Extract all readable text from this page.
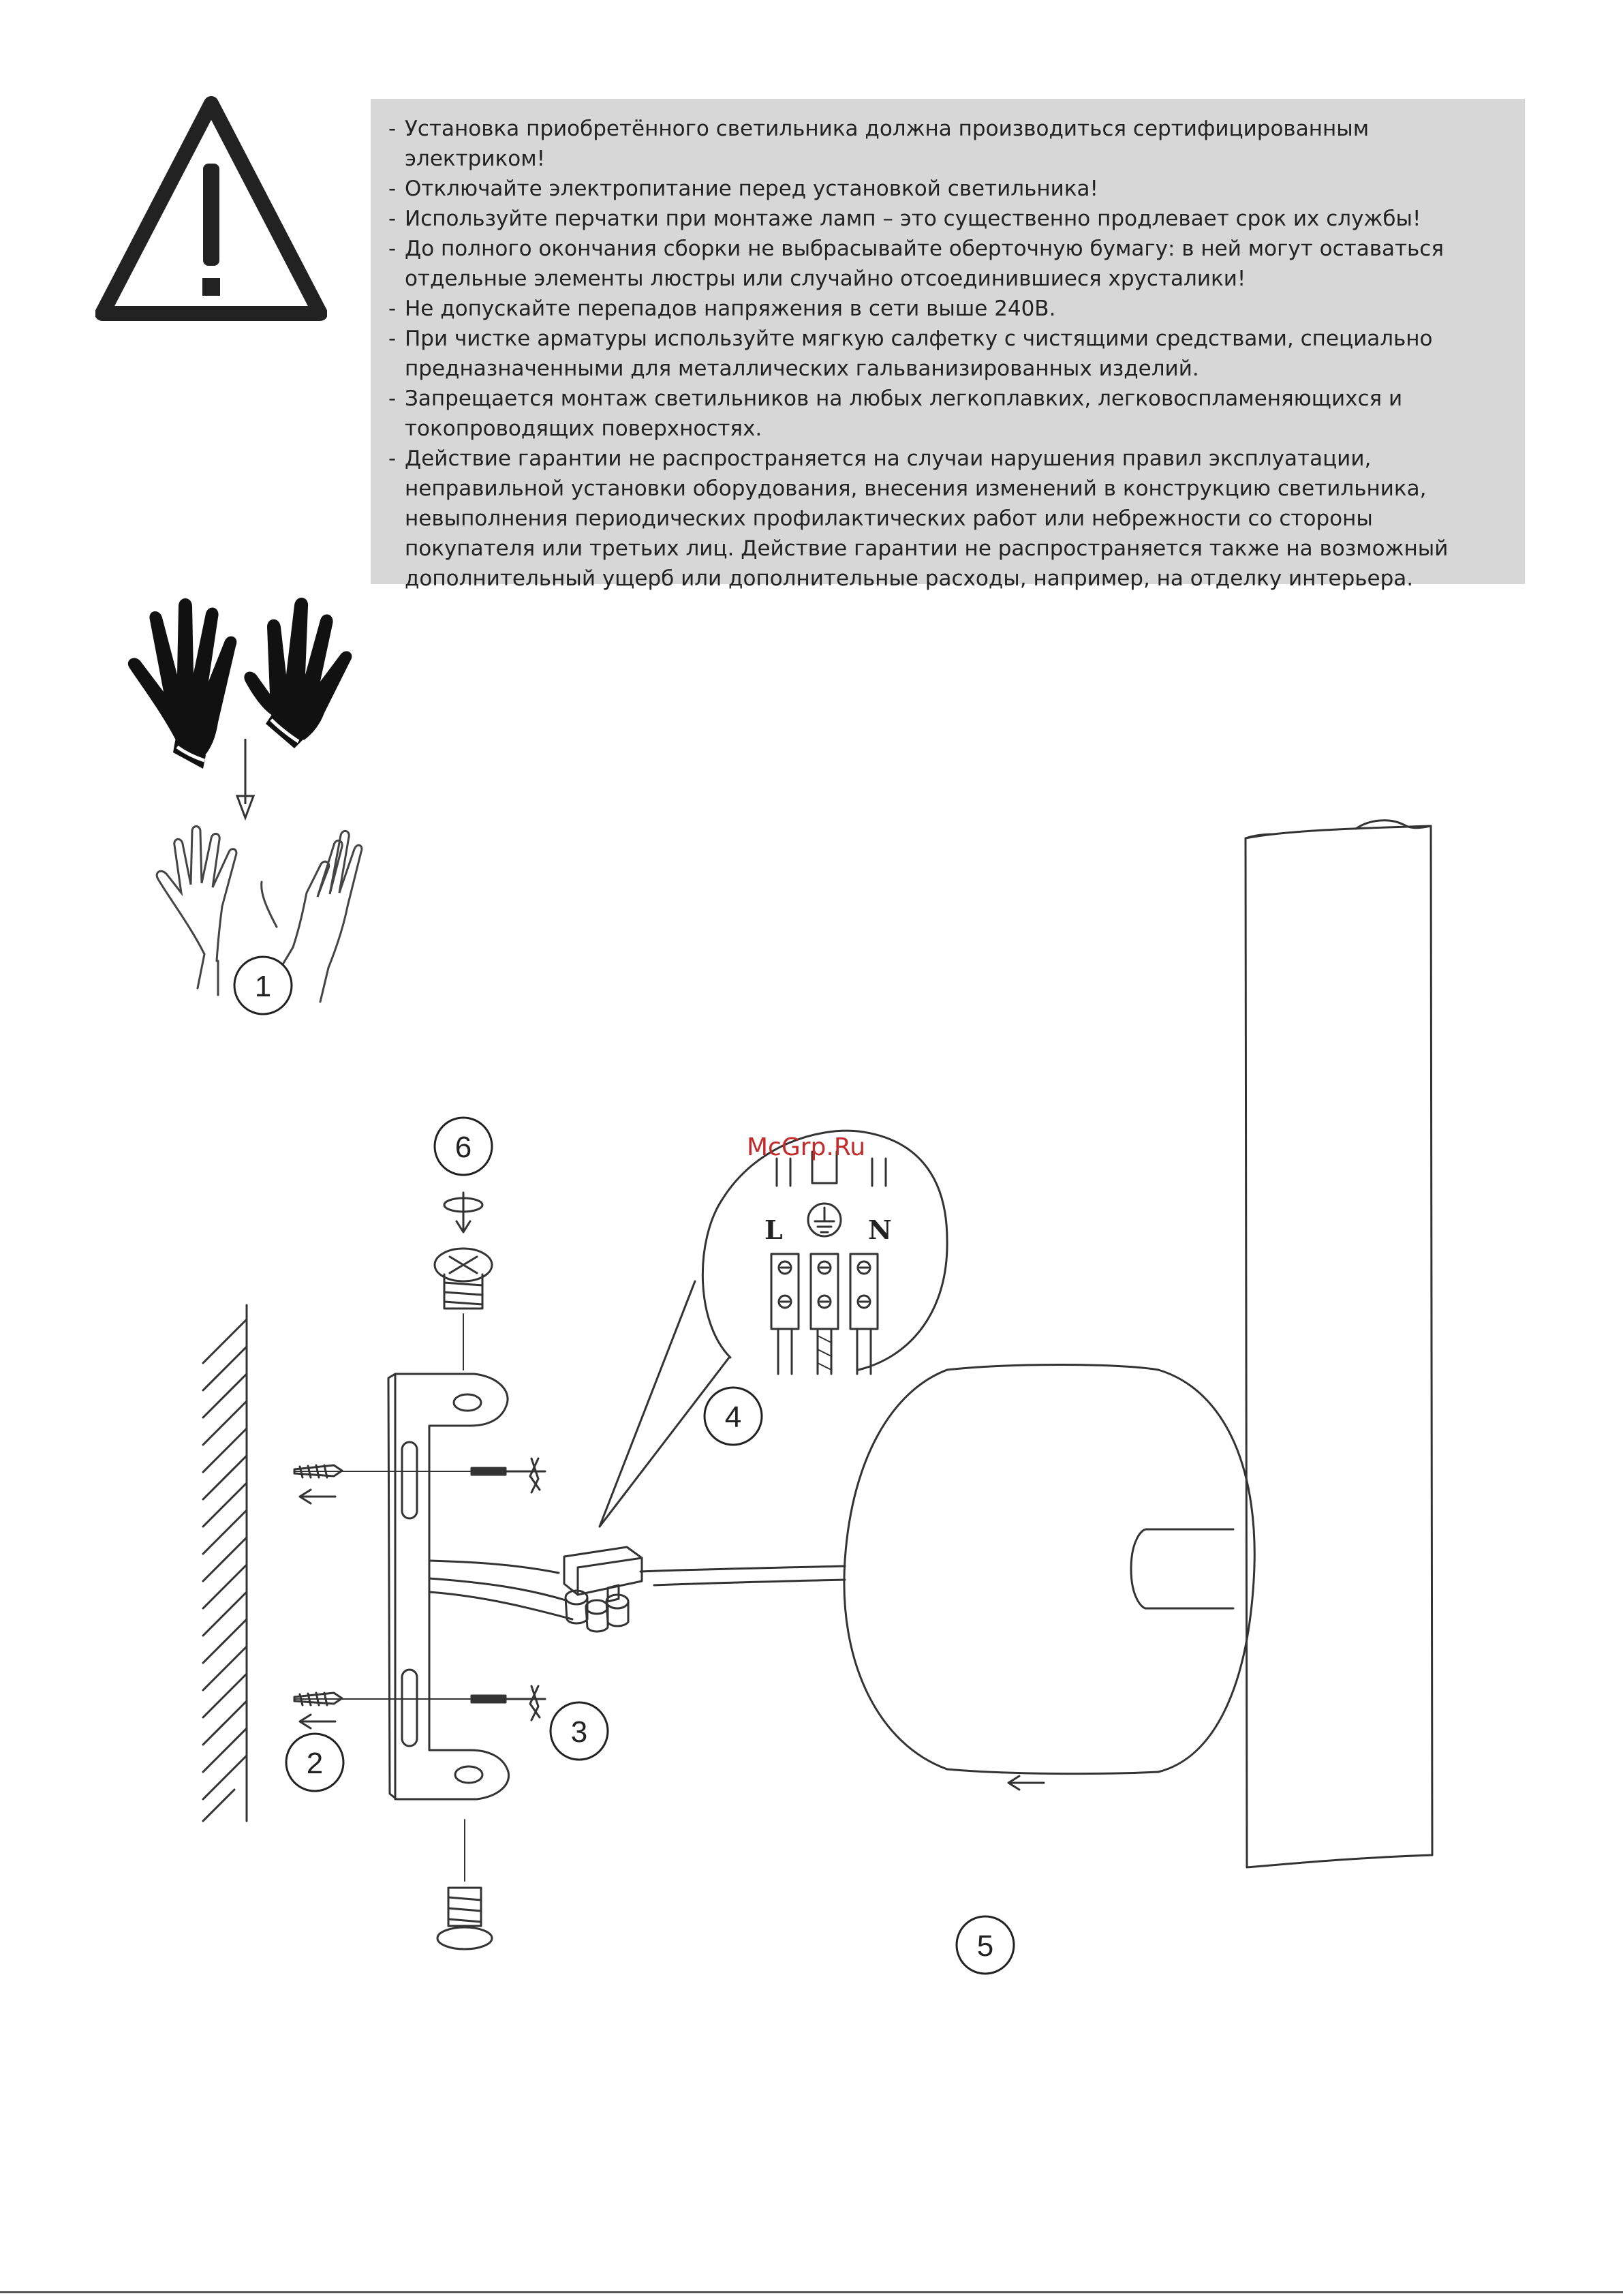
- Установка приобретённого светильника должна производиться сертифицированным электриком!

- Отключайте электропитание перед установкой светильника!

- Используйте перчатки при монтаже ламп – это существенно продлевает срок их службы!

- До полного окончания сборки не выбрасывайте оберточную бумагу: в ней могут оставаться отдельные элементы люстры или случайно отсоединившиеся хрусталики!

- Не допускайте перепадов напряжения в сети выше 240В.

- При чистке арматуры используйте мягкую салфетку с чистящими средствами, специально предназначенными для металлических гальванизированных изделий.

- Запрещается монтаж светильников на любых легкоплавких, легковоспламеняющихся и токопроводящих поверхностях.

- Действие гарантии не распространяется на случаи нарушения правил эксплуатации, неправильной установки оборудования, внесения изменений в конструкцию светильника, невыполнения периодических профилактических работ или небрежности со стороны покупателя или третьих лиц. Действие гарантии не распространяется также на возможный дополнительный ущерб или дополнительные расходы, например, на отделку интерьера.

1
6
2
3
4
5
L	N
McGrp.Ru
